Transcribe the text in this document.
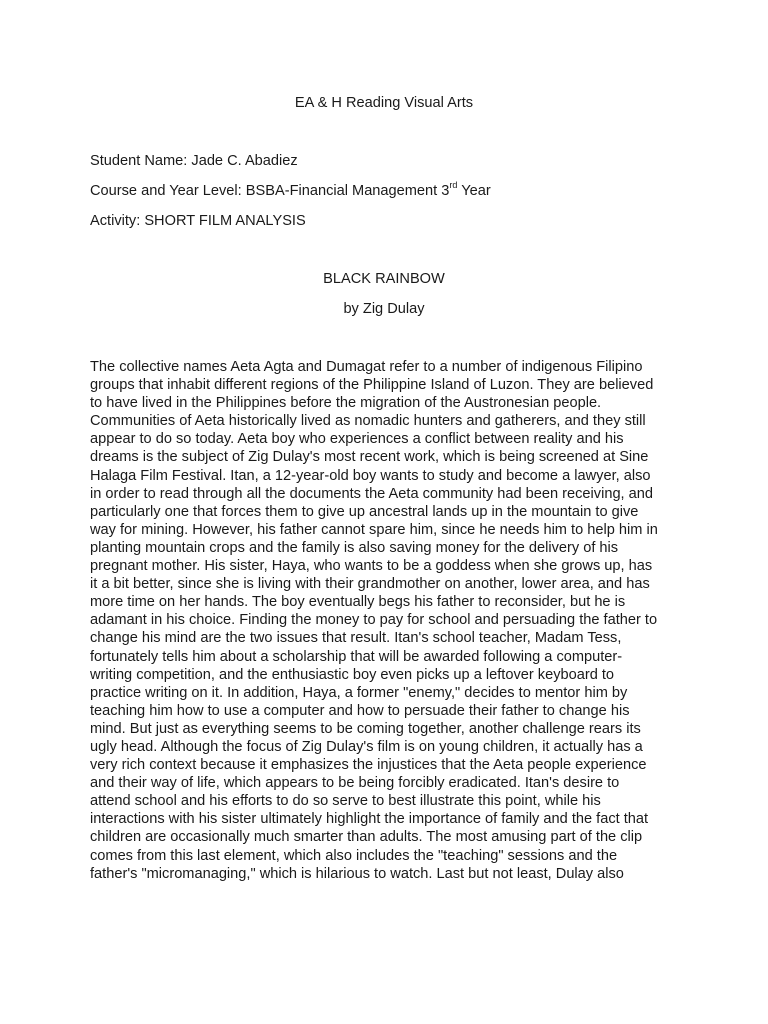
EA & H Reading Visual Arts
Student Name: Jade C. Abadiez
Course and Year Level: BSBA-Financial Management 3rd Year
Activity: SHORT FILM ANALYSIS
BLACK RAINBOW
by Zig Dulay
The collective names Aeta Agta and Dumagat refer to a number of indigenous Filipino
groups that inhabit different regions of the Philippine Island of Luzon. They are believed
to have lived in the Philippines before the migration of the Austronesian people.
Communities of Aeta historically lived as nomadic hunters and gatherers, and they still
appear to do so today. Aeta boy who experiences a conflict between reality and his
dreams is the subject of Zig Dulay's most recent work, which is being screened at Sine
Halaga Film Festival. Itan, a 12-year-old boy wants to study and become a lawyer, also
in order to read through all the documents the Aeta community had been receiving, and
particularly one that forces them to give up ancestral lands up in the mountain to give
way for mining. However, his father cannot spare him, since he needs him to help him in
planting mountain crops and the family is also saving money for the delivery of his
pregnant mother. His sister, Haya, who wants to be a goddess when she grows up, has
it a bit better, since she is living with their grandmother on another, lower area, and has
more time on her hands. The boy eventually begs his father to reconsider, but he is
adamant in his choice. Finding the money to pay for school and persuading the father to
change his mind are the two issues that result. Itan's school teacher, Madam Tess,
fortunately tells him about a scholarship that will be awarded following a computer-
writing competition, and the enthusiastic boy even picks up a leftover keyboard to
practice writing on it. In addition, Haya, a former "enemy," decides to mentor him by
teaching him how to use a computer and how to persuade their father to change his
mind. But just as everything seems to be coming together, another challenge rears its
ugly head. Although the focus of Zig Dulay's film is on young children, it actually has a
very rich context because it emphasizes the injustices that the Aeta people experience
and their way of life, which appears to be being forcibly eradicated. Itan's desire to
attend school and his efforts to do so serve to best illustrate this point, while his
interactions with his sister ultimately highlight the importance of family and the fact that
children are occasionally much smarter than adults. The most amusing part of the clip
comes from this last element, which also includes the "teaching" sessions and the
father's "micromanaging," which is hilarious to watch. Last but not least, Dulay also
